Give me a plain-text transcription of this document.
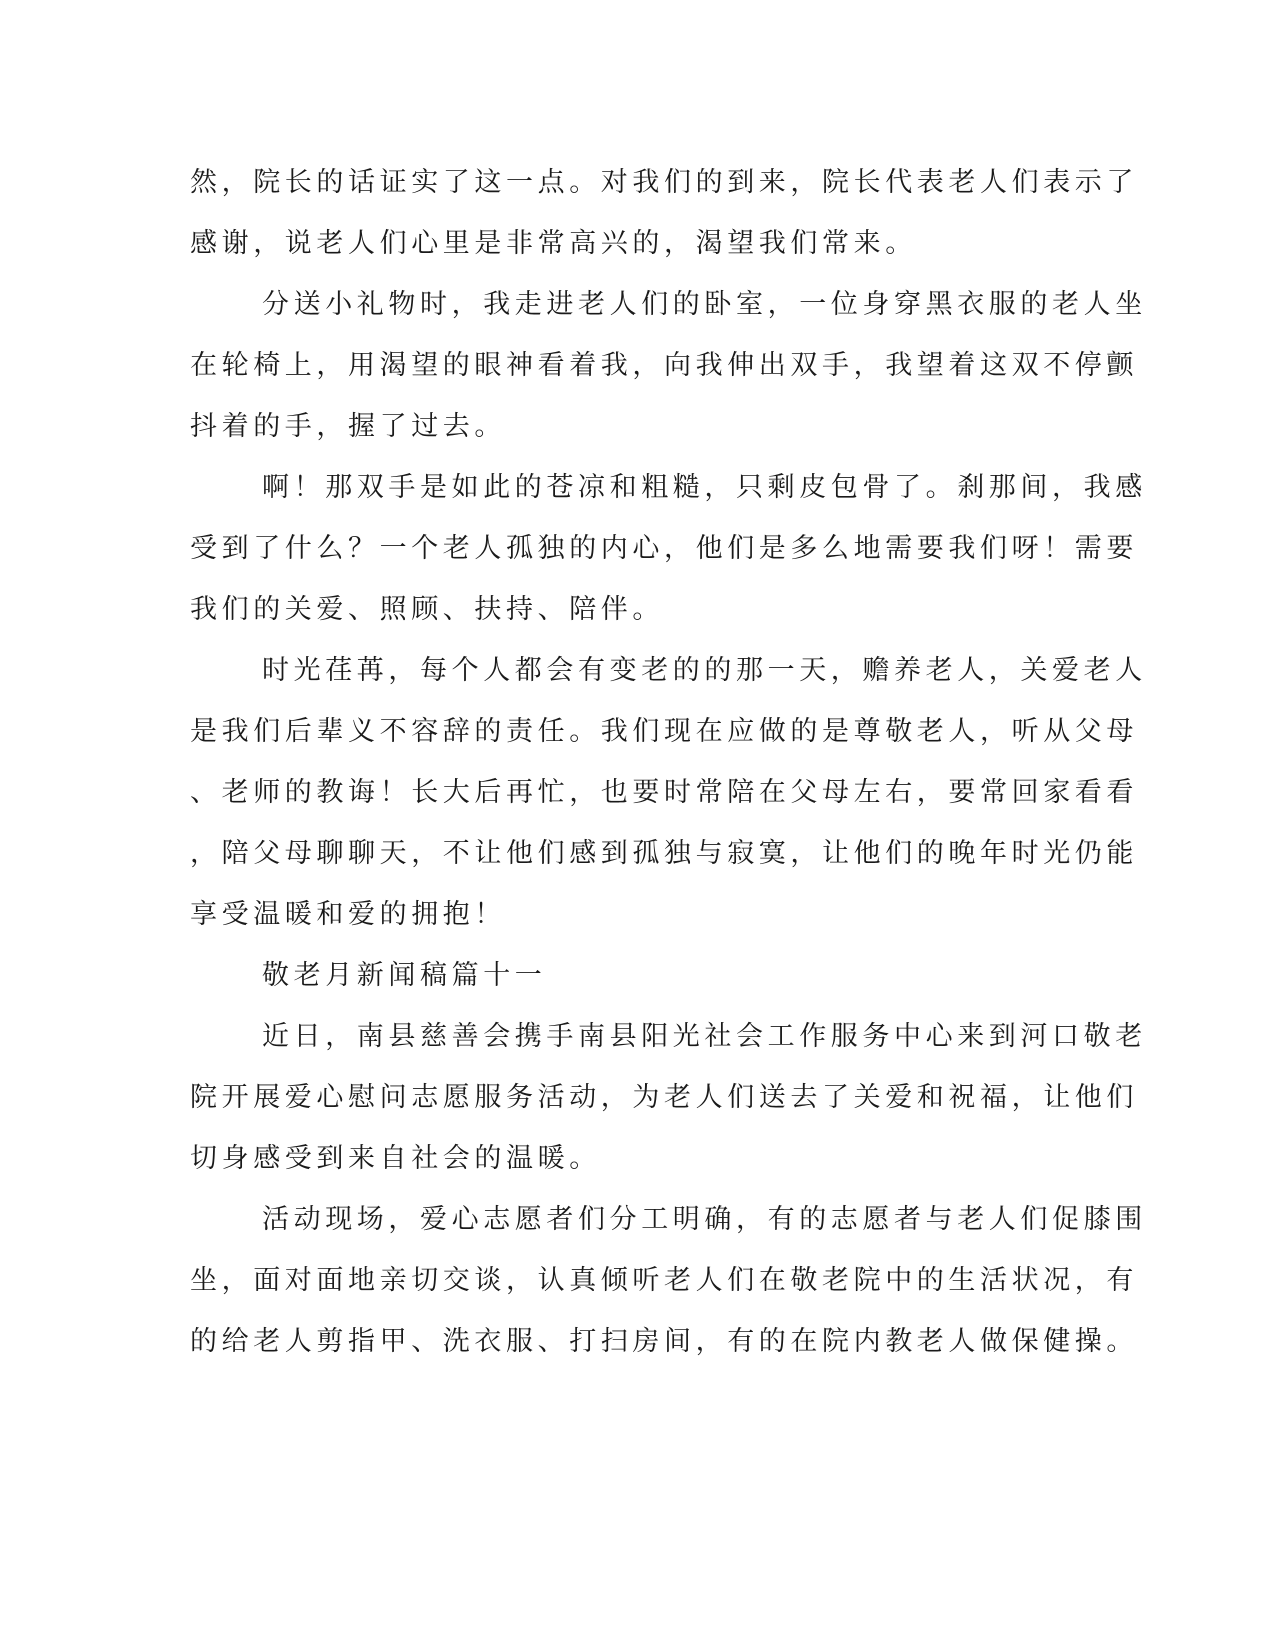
然，院长的话证实了这一点。对我们的到来，院长代表老人们表示了
感谢，说老人们心里是非常高兴的，渴望我们常来。
分送小礼物时，我走进老人们的卧室，一位身穿黑衣服的老人坐
在轮椅上，用渴望的眼神看着我，向我伸出双手，我望着这双不停颤
抖着的手，握了过去。
啊！那双手是如此的苍凉和粗糙，只剩皮包骨了。刹那间，我感
受到了什么？一个老人孤独的内心，他们是多么地需要我们呀！需要
我们的关爱、照顾、扶持、陪伴。
时光荏苒，每个人都会有变老的的那一天，赡养老人，关爱老人
是我们后辈义不容辞的责任。我们现在应做的是尊敬老人，听从父母
、老师的教诲！长大后再忙，也要时常陪在父母左右，要常回家看看
，陪父母聊聊天，不让他们感到孤独与寂寞，让他们的晚年时光仍能
享受温暖和爱的拥抱！
敬老月新闻稿篇十一
近日，南县慈善会携手南县阳光社会工作服务中心来到河口敬老
院开展爱心慰问志愿服务活动，为老人们送去了关爱和祝福，让他们
切身感受到来自社会的温暖。
活动现场，爱心志愿者们分工明确，有的志愿者与老人们促膝围
坐，面对面地亲切交谈，认真倾听老人们在敬老院中的生活状况，有
的给老人剪指甲、洗衣服、打扫房间，有的在院内教老人做保健操。
